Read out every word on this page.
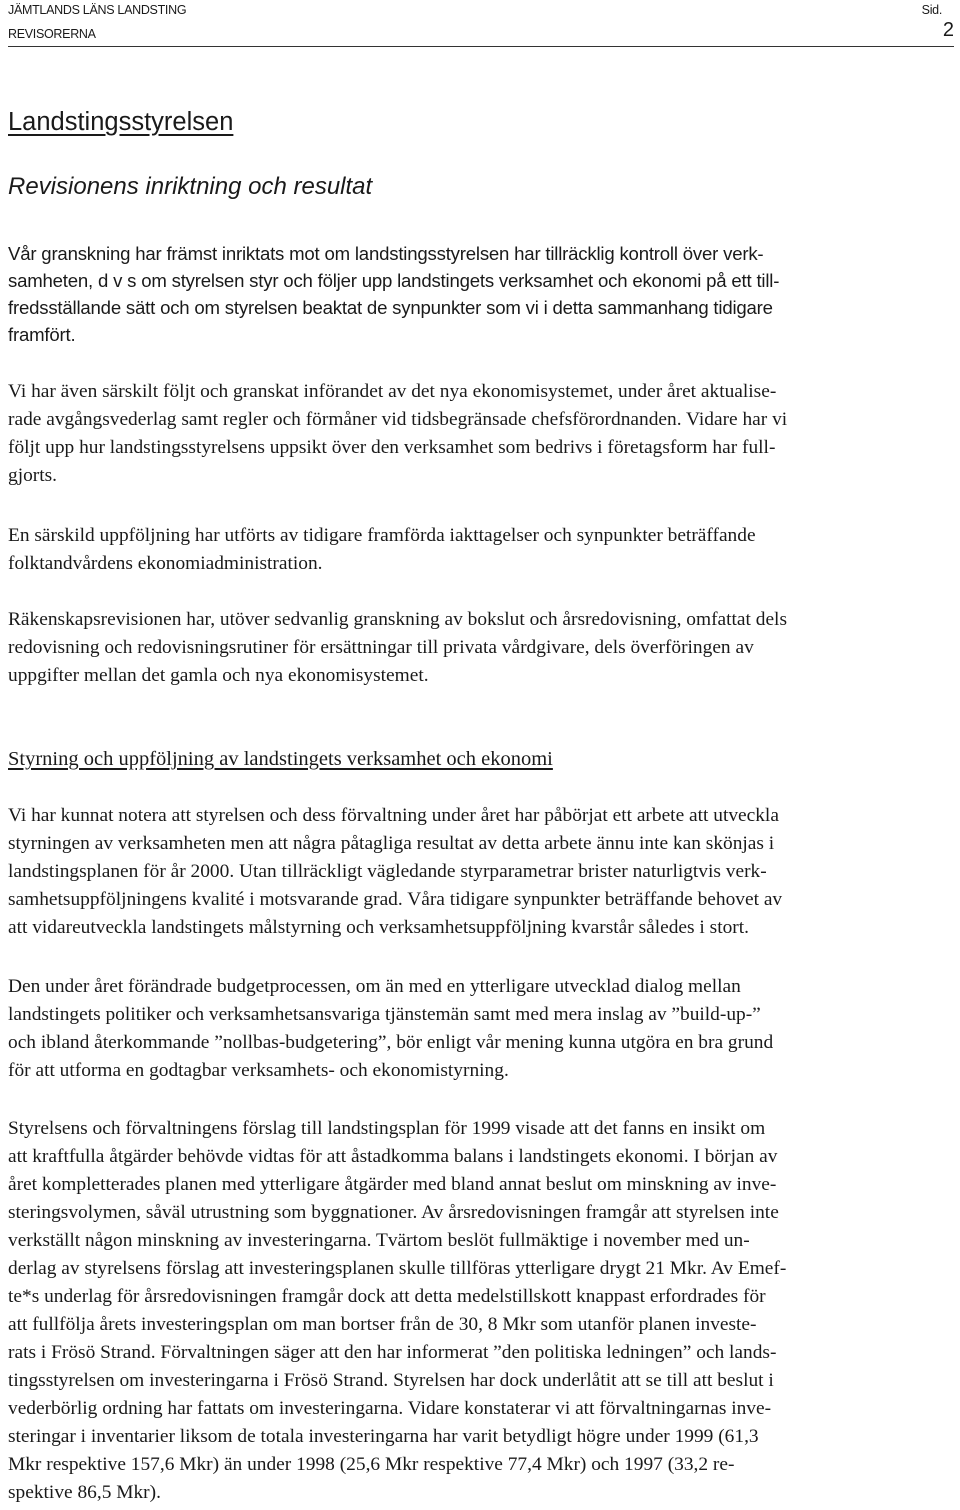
JÄMTLANDS LÄNS LANDSTING	Sid.
REVISORERNA	2
Landstingsstyrelsen
Revisionens inriktning och resultat

Vår granskning har främst inriktats mot om landstingsstyrelsen har tillräcklig kontroll över verk-
samheten, d v s om styrelsen styr och följer upp landstingets verksamhet och ekonomi på ett till-
fredsställande sätt och om styrelsen beaktat de synpunkter som vi i detta sammanhang tidigare
framfört.

Vi har även särskilt följt och granskat införandet av det nya ekonomisystemet, under året aktualise-
rade avgångsvederlag samt regler och förmåner vid tidsbegränsade chefsförordnanden. Vidare har vi
följt upp hur landstingsstyrelsens uppsikt över den verksamhet som bedrivs i företagsform har full-
gjorts.

En särskild uppföljning har utförts av tidigare framförda iakttagelser och synpunkter beträffande
folktandvårdens ekonomiadministration.

Räkenskapsrevisionen har, utöver sedvanlig granskning av bokslut och årsredovisning, omfattat dels
redovisning och redovisningsrutiner för ersättningar till privata vårdgivare, dels överföringen av
uppgifter mellan det gamla och nya ekonomisystemet.

Styrning och uppföljning av landstingets verksamhet och ekonomi

Vi har kunnat notera att styrelsen och dess förvaltning under året har påbörjat ett arbete att utveckla
styrningen av verksamheten men att några påtagliga resultat av detta arbete ännu inte kan skönjas i
landstingsplanen för år 2000. Utan tillräckligt vägledande styrparametrar brister naturligtvis verk-
samhetsuppföljningens kvalité i motsvarande grad. Våra tidigare synpunkter beträffande behovet av
att vidareutveckla landstingets målstyrning och verksamhetsuppföljning kvarstår således i stort.

Den under året förändrade budgetprocessen, om än med en ytterligare utvecklad dialog mellan
landstingets politiker och verksamhetsansvariga tjänstemän samt med mera inslag av ”build-up-”
och ibland återkommande ”nollbas-budgetering”, bör enligt vår mening kunna utgöra en bra grund
för att utforma en godtagbar verksamhets- och ekonomistyrning.

Styrelsens och förvaltningens förslag till landstingsplan för 1999 visade att det fanns en insikt om
att kraftfulla åtgärder behövde vidtas för att åstadkomma balans i landstingets ekonomi. I början av
året kompletterades planen med ytterligare åtgärder med bland annat beslut om minskning av inve-
steringsvolymen, såväl utrustning som byggnationer. Av årsredovisningen framgår att styrelsen inte
verkställt någon minskning av investeringarna. Tvärtom beslöt fullmäktige i november med un-
derlag av styrelsens förslag att investeringsplanen skulle tillföras ytterligare drygt 21 Mkr. Av Emef-
te*s underlag för årsredovisningen framgår dock att detta medelstillskott knappast erfordrades för
att fullfölja årets investeringsplan om man bortser från de 30, 8 Mkr som utanför planen investe-
rats i Frösö Strand. Förvaltningen säger att den har informerat ”den politiska ledningen” och lands-
tingsstyrelsen om investeringarna i Frösö Strand. Styrelsen har dock underlåtit att se till att beslut i
vederbörlig ordning har fattats om investeringarna. Vidare konstaterar vi att förvaltningarnas inve-
steringar i inventarier liksom de totala investeringarna har varit betydligt högre under 1999 (61,3
Mkr respektive 157,6 Mkr) än under 1998 (25,6 Mkr respektive 77,4 Mkr) och 1997 (33,2 re-
spektive 86,5 Mkr).
